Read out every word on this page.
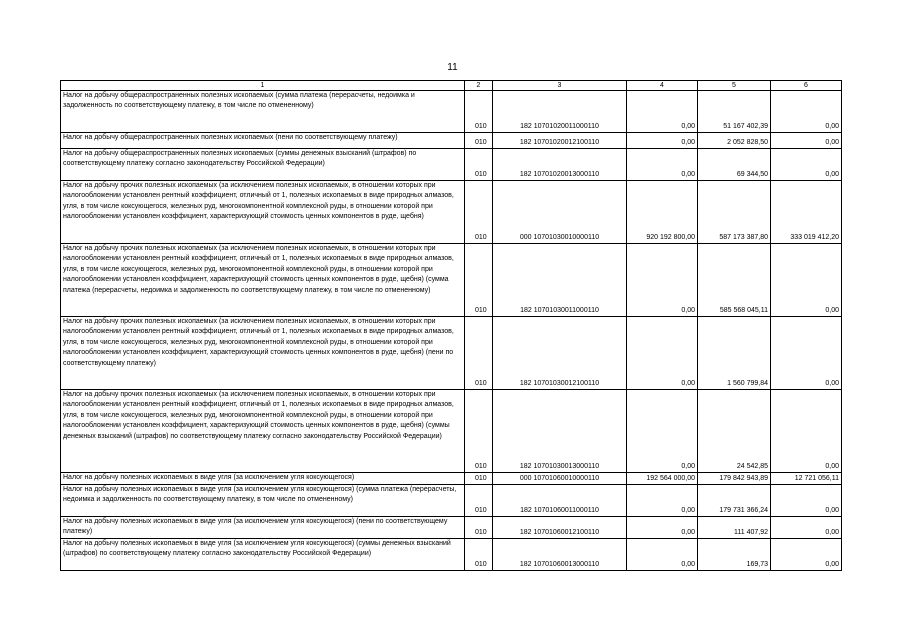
11
1	2	3	4	5	6
Налог на добычу общераспространенных полезных ископаемых (сумма платежа (перерасчеты, недоимка и задолженность по соответствующему платежу, в том числе по отмененному)	010	182 10701020011000110	0,00	51 167 402,39	0,00
Налог на добычу общераспространенных полезных ископаемых (пени по соответствующему платежу)	010	182 10701020012100110	0,00	2 052 828,50	0,00
Налог на добычу общераспространенных полезных ископаемых (суммы денежных взысканий (штрафов) по соответствующему платежу согласно законодательству Российской Федерации)	010	182 10701020013000110	0,00	69 344,50	0,00
Налог на добычу прочих полезных ископаемых (за исключением полезных ископаемых, в отношении которых при налогообложении установлен рентный коэффициент, отличный от 1, полезных ископаемых в виде природных алмазов, угля, в том числе коксующегося, железных руд, многокомпонентной комплексной руды, в отношении которой при налогообложении установлен коэффициент, характеризующий стоимость ценных компонентов в руде, щебня)	010	000 10701030010000110	920 192 800,00	587 173 387,80	333 019 412,20
Налог на добычу прочих полезных ископаемых (за исключением полезных ископаемых, в отношении которых при налогообложении установлен рентный коэффициент, отличный от 1, полезных ископаемых в виде природных алмазов, угля, в том числе коксующегося, железных руд, многокомпонентной комплексной руды, в отношении которой при налогообложении установлен коэффициент, характеризующий стоимость ценных компонентов в руде, щебня) (сумма платежа (перерасчеты, недоимка и задолженность по соответствующему платежу, в том числе по отмененному)	010	182 10701030011000110	0,00	585 568 045,11	0,00
Налог на добычу прочих полезных ископаемых (за исключением полезных ископаемых, в отношении которых при налогообложении установлен рентный коэффициент, отличный от 1, полезных ископаемых в виде природных алмазов, угля, в том числе коксующегося, железных руд, многокомпонентной комплексной руды, в отношении которой при налогообложении установлен коэффициент, характеризующий стоимость ценных компонентов в руде, щебня) (пени по соответствующему платежу)	010	182 10701030012100110	0,00	1 560 799,84	0,00
Налог на добычу прочих полезных ископаемых (за исключением полезных ископаемых, в отношении которых при налогообложении установлен рентный коэффициент, отличный от 1, полезных ископаемых в виде природных алмазов, угля, в том числе коксующегося, железных руд, многокомпонентной комплексной руды, в отношении которой при налогообложении установлен коэффициент, характеризующий стоимость ценных компонентов в руде, щебня) (суммы денежных взысканий (штрафов) по соответствующему платежу согласно законодательству Российской Федерации)	010	182 10701030013000110	0,00	24 542,85	0,00
Налог на добычу полезных ископаемых в виде угля (за исключением угля коксующегося)	010	000 10701060010000110	192 564 000,00	179 842 943,89	12 721 056,11
Налог на добычу полезных ископаемых в виде угля (за исключением угля коксующегося) (сумма платежа (перерасчеты, недоимка и задолженность по соответствующему платежу, в том числе по отмененному)	010	182 10701060011000110	0,00	179 731 366,24	0,00
Налог на добычу полезных ископаемых в виде угля (за исключением угля коксующегося) (пени по соответствующему платежу)	010	182 10701060012100110	0,00	111 407,92	0,00
Налог на добычу полезных ископаемых в виде угля (за исключением угля коксующегося) (суммы денежных взысканий (штрафов) по соответствующему платежу согласно законодательству Российской Федерации)	010	182 10701060013000110	0,00	169,73	0,00
